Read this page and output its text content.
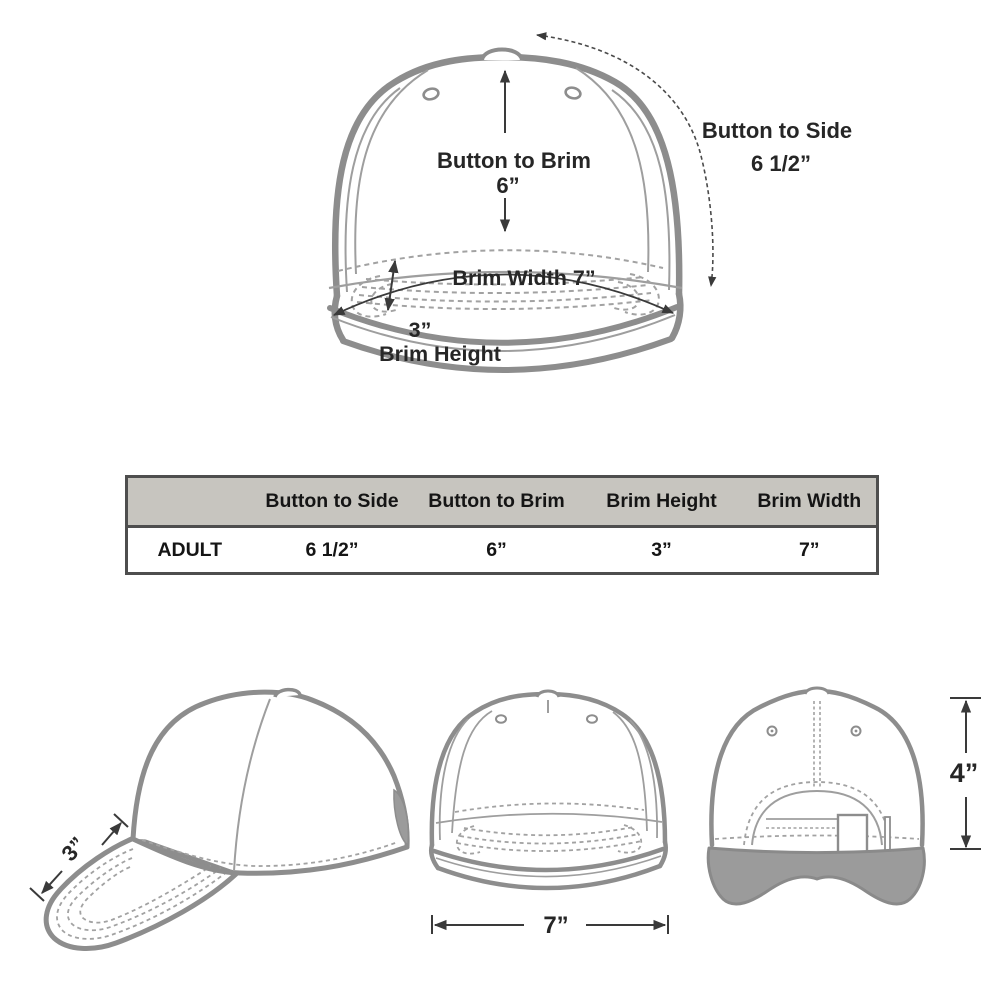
Button to Brim
6”
Button to Side
6 1/2”
Brim Width 7”
3”
Brim Height
3”
7”
4”
	Button to Side	Button to Brim	Brim Height	Brim Width
ADULT	6 1/2”	6”	3”	7”
